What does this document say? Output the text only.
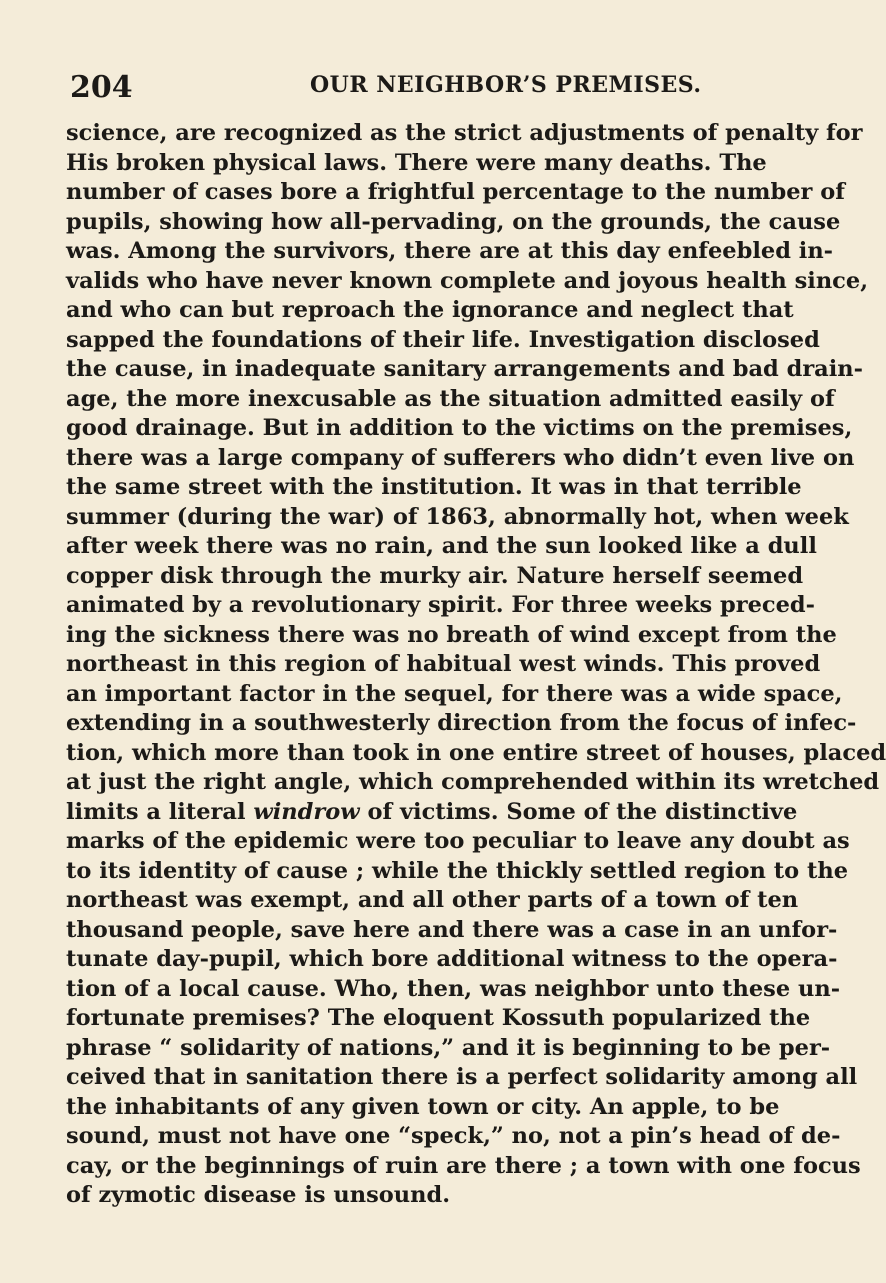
204	OUR NEIGHBOR’S PREMISES.
science, are recognized as the strict adjustments of penalty for
His broken physical laws. There were many deaths. The
number of cases bore a frightful percentage to the number of
pupils, showing how all-pervading, on the grounds, the cause
was. Among the survivors, there are at this day enfeebled in-
valids who have never known complete and joyous health since,
and who can but reproach the ignorance and neglect that
sapped the foundations of their life. Investigation disclosed
the cause, in inadequate sanitary arrangements and bad drain-
age, the more inexcusable as the situation admitted easily of
good drainage. But in addition to the victims on the premises,
there was a large company of sufferers who didn’t even live on
the same street with the institution. It was in that terrible
summer (during the war) of 1863, abnormally hot, when week
after week there was no rain, and the sun looked like a dull
copper disk through the murky air. Nature herself seemed
animated by a revolutionary spirit. For three weeks preced-
ing the sickness there was no breath of wind except from the
northeast in this region of habitual west winds. This proved
an important factor in the sequel, for there was a wide space,
extending in a southwesterly direction from the focus of infec-
tion, which more than took in one entire street of houses, placed
at just the right angle, which comprehended within its wretched
limits a literal windrow of victims. Some of the distinctive
marks of the epidemic were too peculiar to leave any doubt as
to its identity of cause ; while the thickly settled region to the
northeast was exempt, and all other parts of a town of ten
thousand people, save here and there was a case in an unfor-
tunate day-pupil, which bore additional witness to the opera-
tion of a local cause. Who, then, was neighbor unto these un-
fortunate premises? The eloquent Kossuth popularized the
phrase “ solidarity of nations,” and it is beginning to be per-
ceived that in sanitation there is a perfect solidarity among all
the inhabitants of any given town or city. An apple, to be
sound, must not have one “speck,” no, not a pin’s head of de-
cay, or the beginnings of ruin are there ; a town with one focus
of zymotic disease is unsound.
